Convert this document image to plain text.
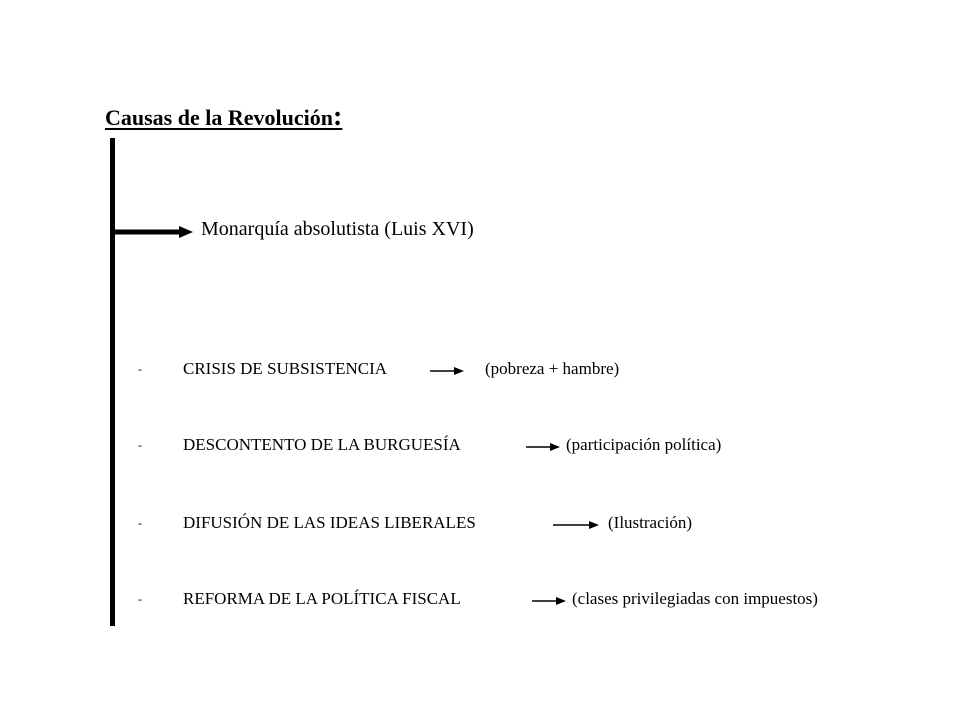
Causas de la Revolución:
Monarquía absolutista (Luis XVI)
- CRISIS DE SUBSISTENCIA	(pobreza + hambre)
- DESCONTENTO DE LA BURGUESÍA	(participación política)
- DIFUSIÓN DE LAS IDEAS LIBERALES	(Ilustración)
- REFORMA DE LA POLÍTICA FISCAL	(clases privilegiadas con impuestos)
